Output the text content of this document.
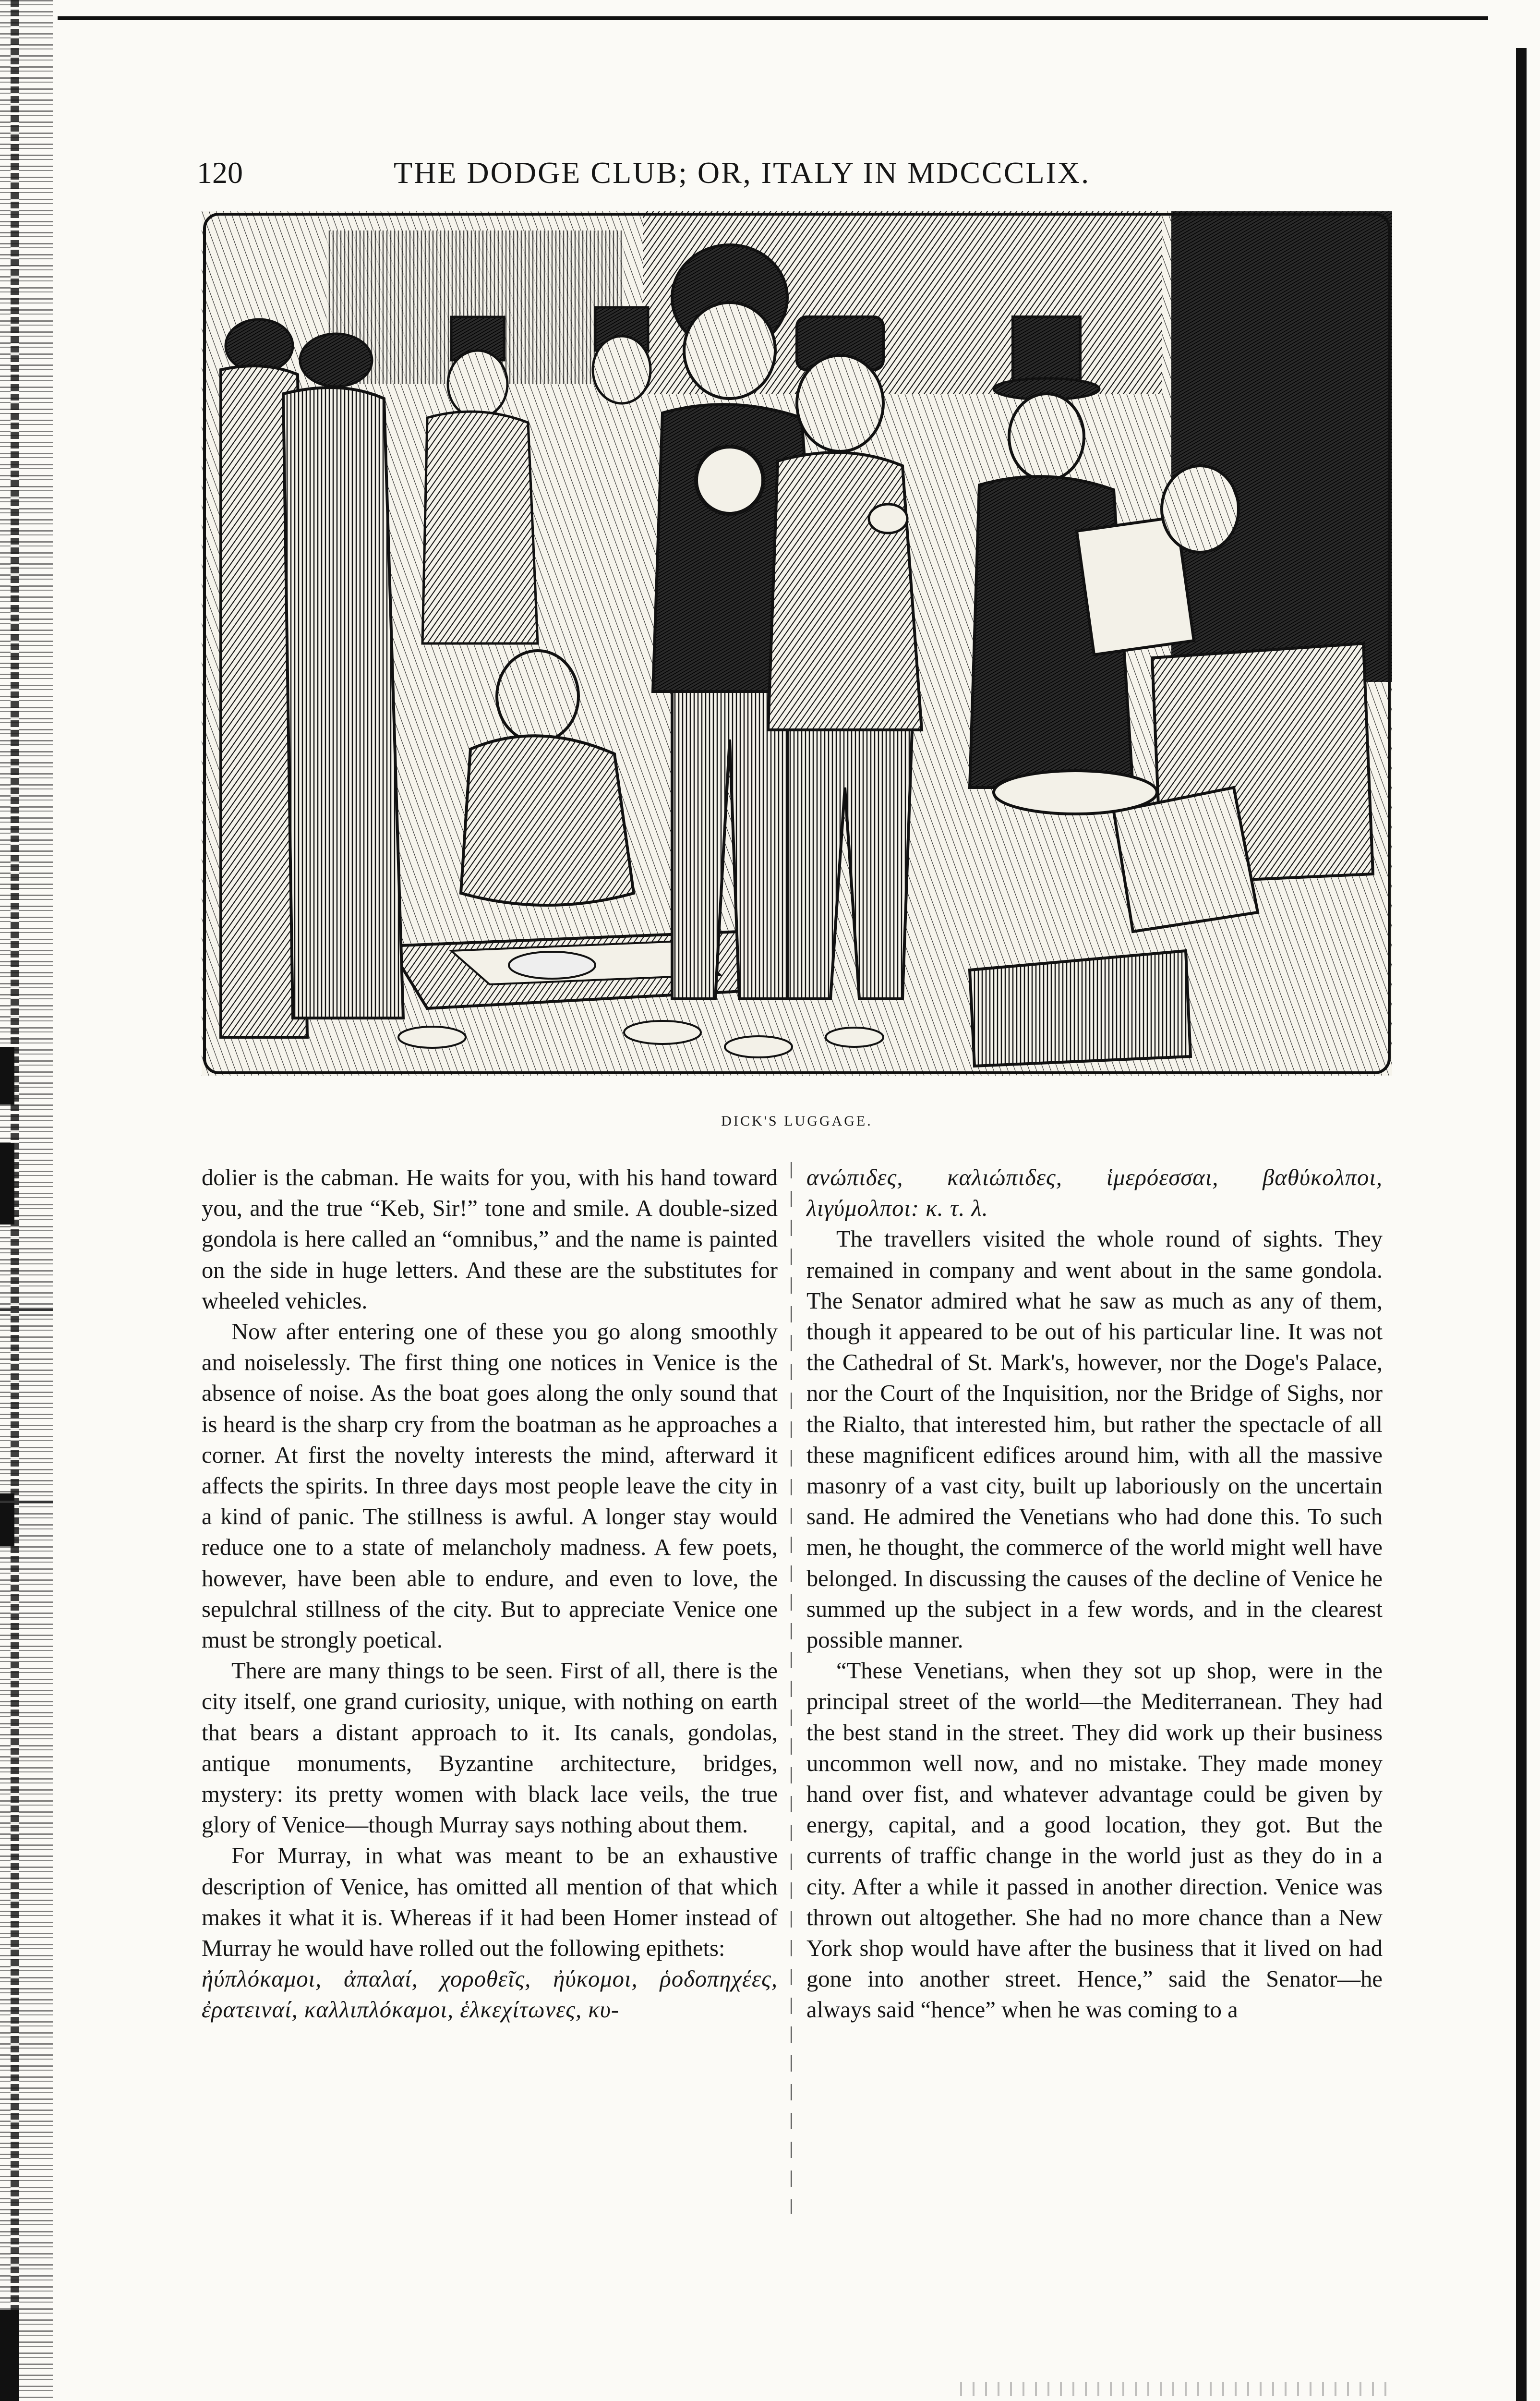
120	THE DODGE CLUB; OR, ITALY IN MDCCCLIX.
DICK'S LUGGAGE.

dolier is the cabman. He waits for you, with his hand toward you, and the true “Keb, Sir!” tone and smile. A double-sized gondola is here called an “omnibus,” and the name is painted on the side in huge letters. And these are the substitutes for wheeled vehicles.

Now after entering one of these you go along smoothly and noiselessly. The first thing one notices in Venice is the absence of noise. As the boat goes along the only sound that is heard is the sharp cry from the boatman as he approaches a corner. At first the novelty interests the mind, afterward it affects the spirits. In three days most people leave the city in a kind of panic. The stillness is awful. A longer stay would reduce one to a state of melancholy madness. A few poets, however, have been able to endure, and even to love, the sepulchral stillness of the city. But to appreciate Venice one must be strongly poetical.

There are many things to be seen. First of all, there is the city itself, one grand curiosity, unique, with nothing on earth that bears a distant approach to it. Its canals, gondolas, antique monuments, Byzantine architecture, bridges, mystery: its pretty women with black lace veils, the true glory of Venice—though Murray says nothing about them.

For Murray, in what was meant to be an exhaustive description of Venice, has omitted all mention of that which makes it what it is. Whereas if it had been Homer instead of Murray he would have rolled out the following epithets:

ἠύπλόκαμοι, ἀπαλαί, χοροθεῖς, ἠύκομοι, ῥοδοπηχέες, ἐρατειναί, καλλιπλόκαμοι, ἑλκεχίτωνες, κυ-

ανώπιδες, καλιώπιδες, ἱμερόεσσαι, βαθύκολποι, λιγύμολποι: κ. τ. λ.

The travellers visited the whole round of sights. They remained in company and went about in the same gondola. The Senator admired what he saw as much as any of them, though it appeared to be out of his particular line. It was not the Cathedral of St. Mark's, however, nor the Doge's Palace, nor the Court of the Inquisition, nor the Bridge of Sighs, nor the Rialto, that interested him, but rather the spectacle of all these magnificent edifices around him, with all the massive masonry of a vast city, built up laboriously on the uncertain sand. He admired the Venetians who had done this. To such men, he thought, the commerce of the world might well have belonged. In discussing the causes of the decline of Venice he summed up the subject in a few words, and in the clearest possible manner.

“These Venetians, when they sot up shop, were in the principal street of the world—the Mediterranean. They had the best stand in the street. They did work up their business uncommon well now, and no mistake. They made money hand over fist, and whatever advantage could be given by energy, capital, and a good location, they got. But the currents of traffic change in the world just as they do in a city. After a while it passed in another direction. Venice was thrown out altogether. She had no more chance than a New York shop would have after the business that it lived on had gone into another street. Hence,” said the Senator—he always said “hence” when he was coming to a
